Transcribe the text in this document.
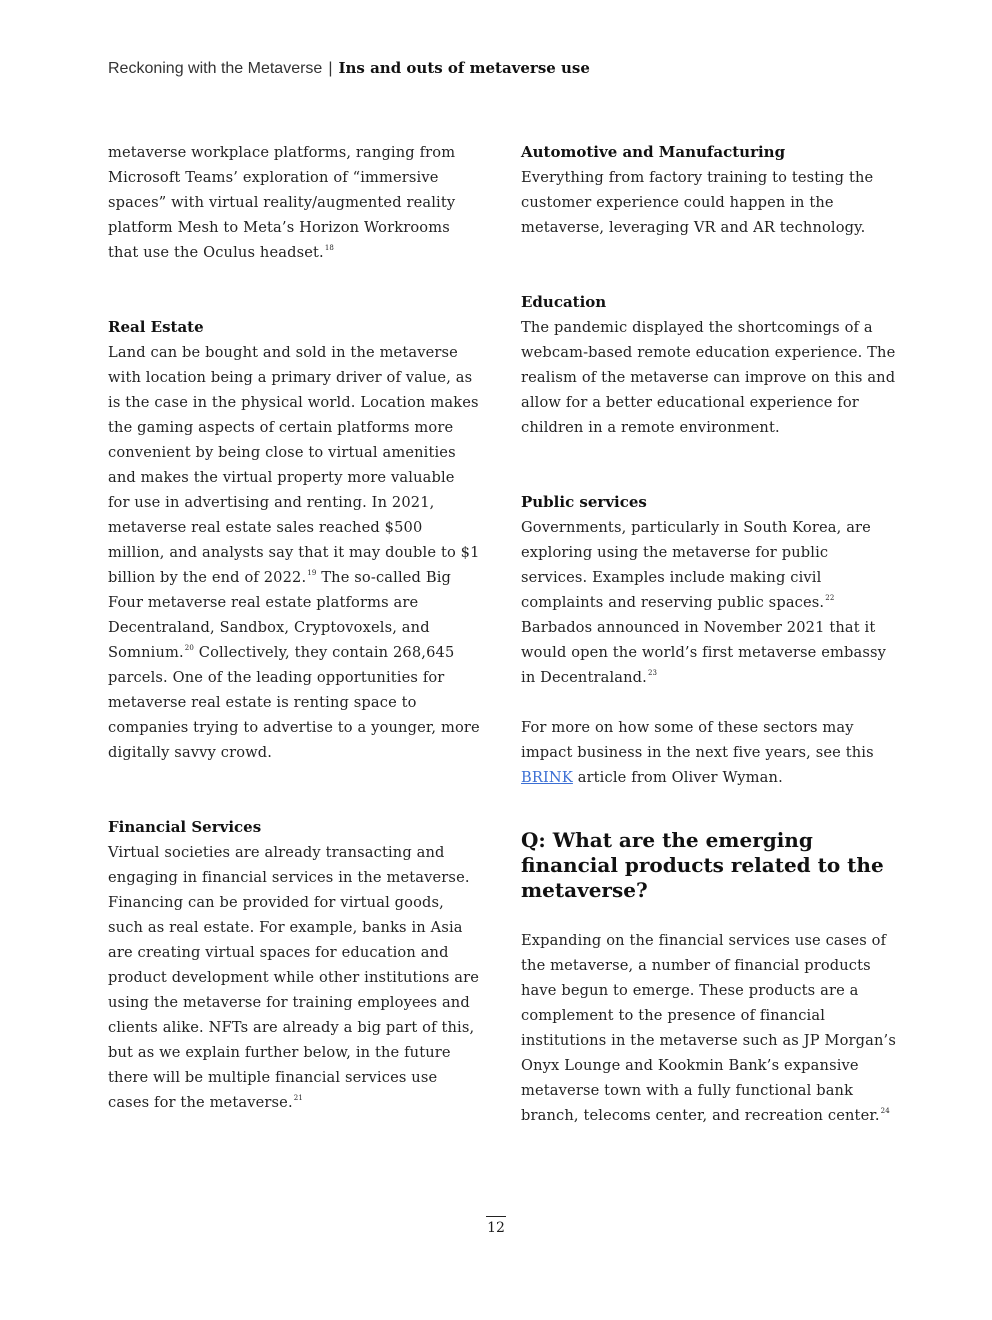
Reckoning with the Metaverse | Ins and outs of metaverse use

metaverse workplace platforms, ranging from Microsoft Teams’ exploration of “immersive spaces” with virtual reality/augmented reality platform Mesh to Meta’s Horizon Workrooms that use the Oculus headset.$^{18}$

Real Estate

Land can be bought and sold in the metaverse with location being a primary driver of value, as is the case in the physical world. Location makes the gaming aspects of certain platforms more convenient by being close to virtual amenities and makes the virtual property more valuable for use in advertising and renting. In 2021, metaverse real estate sales reached $500 million, and analysts say that it may double to $1 billion by the end of 2022.19 The so-called Big Four metaverse real estate platforms are Decentraland, Sandbox, Cryptovoxels, and Somnium.$^{20}$ Collectively, they contain 268,645 parcels. One of the leading opportunities for metaverse real estate is renting space to companies trying to advertise to a younger, more digitally savvy crowd.

Financial Services

Virtual societies are already transacting and engaging in financial services in the metaverse. Financing can be provided for virtual goods, such as real estate. For example, banks in Asia are creating virtual spaces for education and product development while other institutions are using the metaverse for training employees and clients alike. NFTs are already a big part of this, but as we explain further below, in the future there will be multiple financial services use cases for the metaverse.$^{21}$

Automotive and Manufacturing

Everything from factory training to testing the customer experience could happen in the metaverse, leveraging VR and AR technology.

Education

The pandemic displayed the shortcomings of a webcam-based remote education experience. The realism of the metaverse can improve on this and allow for a better educational experience for children in a remote environment.

Public services

Governments, particularly in South Korea, are exploring using the metaverse for public services. Examples include making civil complaints and reserving public spaces.$^{22}$ Barbados announced in November 2021 that it would open the world’s first metaverse embassy in Decentraland.$^{23}$

For more on how some of these sectors may impact business in the next five years, see this BRINK article from Oliver Wyman.

Q: What are the emerging financial products related to the metaverse?

Expanding on the financial services use cases of the metaverse, a number of financial products have begun to emerge. These products are a complement to the presence of financial institutions in the metaverse such as JP Morgan’s Onyx Lounge and Kookmin Bank’s expansive metaverse town with a fully functional bank branch, telecoms center, and recreation center.$^{24}$

12
